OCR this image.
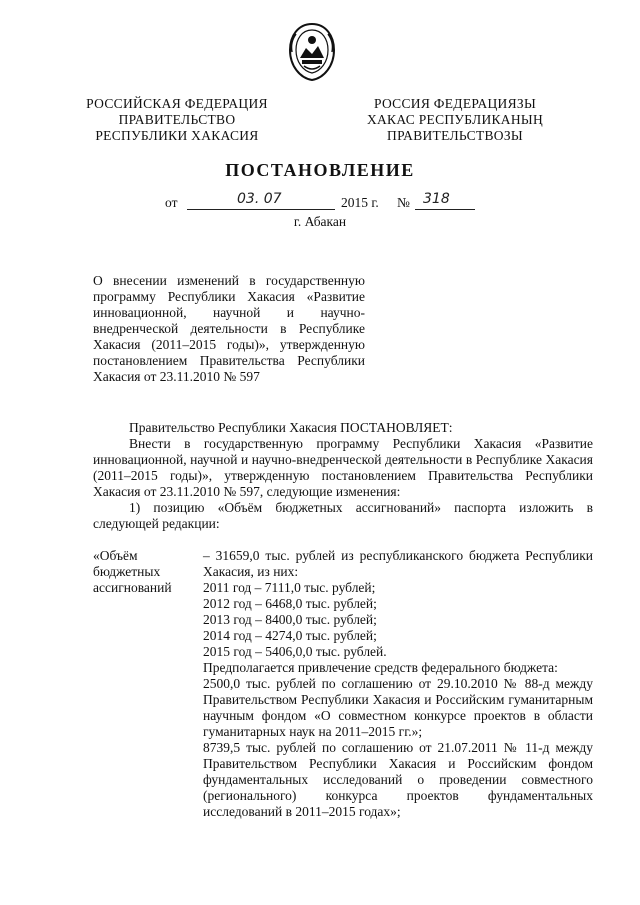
РОССИЙСКАЯ ФЕДЕРАЦИЯ
ПРАВИТЕЛЬСТВО
РЕСПУБЛИКИ ХАКАСИЯ
РОССИЯ ФЕДЕРАЦИЯЗЫ
ХАКАС РЕСПУБЛИКАНЫҢ
ПРАВИТЕЛЬСТВОЗЫ
ПОСТАНОВЛЕНИЕ
от	03. 07	2015 г. № 318
г. Абакан
О внесении изменений в государственную программу Республики Хакасия «Развитие инновационной, научной и научно-внедренческой деятельности в Республике Хакасия (2011–2015 годы)», утвержденную постановлением Правительства Республики Хакасия от 23.11.2010 № 597

Правительство Республики Хакасия ПОСТАНОВЛЯЕТ:

Внести в государственную программу Республики Хакасия «Развитие инновационной, научной и научно-внедренческой деятельности в Республике Хакасия (2011–2015 годы)», утвержденную постановлением Правительства Республики Хакасия от 23.11.2010 № 597, следующие изменения:

1) позицию «Объём бюджетных ассигнований» паспорта изложить в следующей редакции:

«Объём бюджетных ассигнований

– 31659,0 тыс. рублей из республиканского бюджета Республики Хакасия, из них:

2011 год – 7111,0 тыс. рублей;

2012 год – 6468,0 тыс. рублей;

2013 год – 8400,0 тыс. рублей;

2014 год – 4274,0 тыс. рублей;

2015 год – 5406,0,0 тыс. рублей.

Предполагается привлечение средств федерального бюджета:

2500,0 тыс. рублей по соглашению от 29.10.2010 № 88-д между Правительством Республики Хакасия и Российским гуманитарным научным фондом «О совместном конкурсе проектов в области гуманитарных наук на 2011–2015 гг.»;

8739,5 тыс. рублей по соглашению от 21.07.2011 № 11-д между Правительством Республики Хакасия и Российским фондом фундаментальных исследований о проведении совместного (регионального) конкурса проектов фундаментальных исследований в 2011–2015 годах»;
